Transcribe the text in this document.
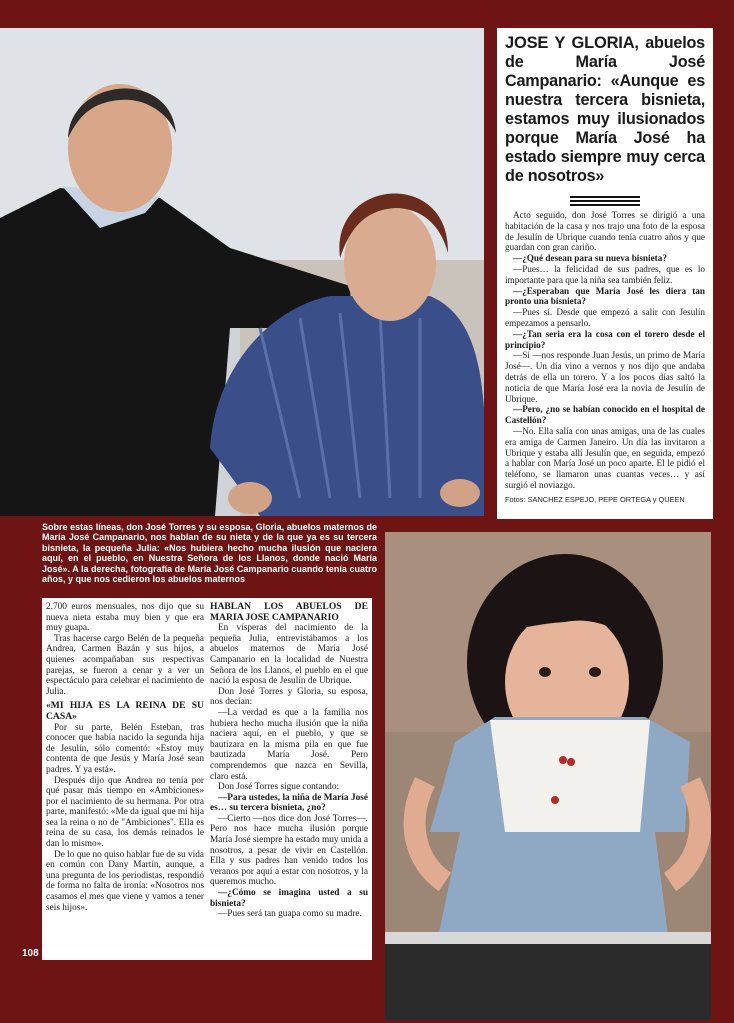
JOSE Y GLORIA, abuelos de María José Campanario: «Aunque es nuestra tercera bisnieta, estamos muy ilusionados porque María José ha estado siempre muy cerca de nosotros»

Acto seguido, don José Torres se dirigió a una habitación de la casa y nos trajo una foto de la esposa de Jesulín de Ubrique cuando tenía cuatro años y que guardan con gran cariño.

—¿Qué desean para su nueva bisnieta?

—Pues… la felicidad de sus padres, que es lo importante para que la niña sea también feliz.

—¿Esperaban que María José les diera tan pronto una bisnieta?

—Pues sí. Desde que empezó a salir con Jesulín empezamos a pensarlo.

—¿Tan seria era la cosa con el torero desde el principio?

—Sí —nos responde Juan Jesús, un primo de María José—. Un día vino a vernos y nos dijo que andaba detrás de ella un torero. Y a los pocos días saltó la noticia de que María José era la novia de Jesulín de Ubrique.

—Pero, ¿no se habían conocido en el hospital de Castellón?

—No. Ella salía con unas amigas, una de las cuales era amiga de Carmen Janeiro. Un día las invitaron a Ubrique y estaba allí Jesulín que, en seguida, empezó a hablar con María José un poco aparte. El le pidió el teléfono, se llamaron unas cuantas veces… y así surgió el noviazgo.

Fotos: SANCHEZ ESPEJO, PEPE ORTEGA y QUEEN
Sobre estas líneas, don José Torres y su esposa, Gloria, abuelos maternos de María José Campanario, nos hablan de su nieta y de la que ya es su tercera bisnieta, la pequeña Julia: «Nos hubiera hecho mucha ilusión que naciera aquí, en el pueblo, en Nuestra Señora de los Llanos, donde nació María José». A la derecha, fotografía de María José Campanario cuando tenía cuatro años, y que nos cedieron los abuelos maternos

2.700 euros mensuales, nos dijo que su nueva nieta estaba muy bien y que era muy guapa.

Tras hacerse cargo Belén de la pequeña Andrea, Carmen Bazán y sus hijos, a quienes acompañaban sus respectivas parejas, se fueron a cenar y a ver un espectáculo para celebrar el nacimiento de Julia.

«MI HIJA ES LA REINA DE SU CASA»

Por su parte, Belén Esteban, tras conocer que había nacido la segunda hija de Jesulín, sólo comentó: «Estoy muy contenta de que Jesús y María José sean padres. Y ya está».

Después dijo que Andrea no tenía por qué pasar más tiempo en «Ambiciones» por el nacimiento de su hermana. Por otra parte, manifestó: «Me da igual que mi hija sea la reina o no de "Ambiciones". Ella es reina de su casa, los demás reinados le dan lo mismo».

De lo que no quiso hablar fue de su vida en común con Dany Martín, aunque, a una pregunta de los periodistas, respondió de forma no falta de ironía: «Nosotros nos casamos el mes que viene y vamos a tener seis hijos».

HABLAN LOS ABUELOS DE MARIA JOSE CAMPANARIO

En vísperas del nacimiento de la pequeña Julia, entrevistábamos a los abuelos maternos de María José Campanario en la localidad de Nuestra Señora de los Llanos, el pueblo en el que nació la esposa de Jesulín de Ubrique.

Don José Torres y Gloria, su esposa, nos decían:

—La verdad es que a la familia nos hubiera hecho mucha ilusión que la niña naciera aquí, en el pueblo, y que se bautizara en la misma pila en que fue bautizada María José. Pero comprendemos que nazca en Sevilla, claro está.

Don José Torres sigue contando:

—Para ustedes, la niña de María José es… su tercera bisnieta, ¿no?

—Cierto —nos dice don José Torres—. Pero nos hace mucha ilusión porque María José siempre ha estado muy unida a nosotros, a pesar de vivir en Castellón. Ella y sus padres han venido todos los veranos por aquí a estar con nosotros, y la queremos mucho.

—¿Cómo se imagina usted a su bisnieta?

—Pues será tan guapa como su madre.

108
